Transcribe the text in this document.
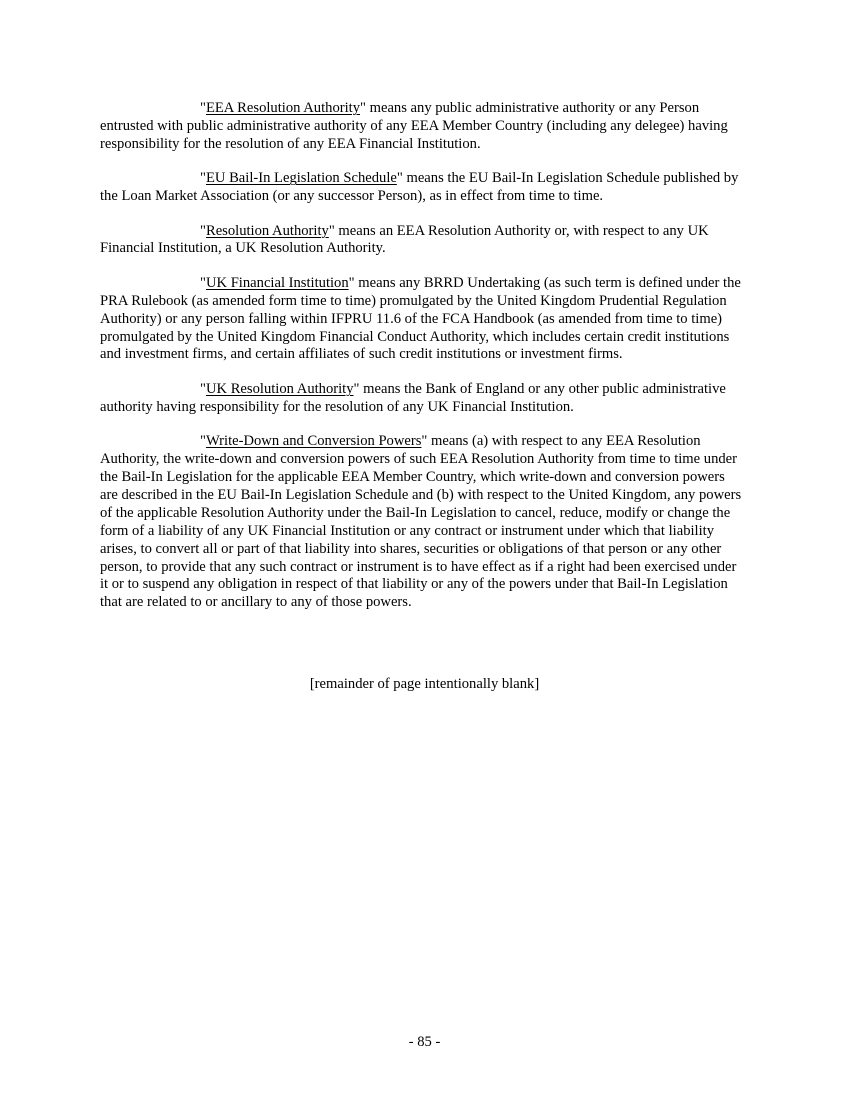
"EEA Resolution Authority" means any public administrative authority or any Person entrusted with public administrative authority of any EEA Member Country (including any delegee) having responsibility for the resolution of any EEA Financial Institution.

"EU Bail-In Legislation Schedule" means the EU Bail-In Legislation Schedule published by the Loan Market Association (or any successor Person), as in effect from time to time.

"Resolution Authority" means an EEA Resolution Authority or, with respect to any UK Financial Institution, a UK Resolution Authority.

"UK Financial Institution" means any BRRD Undertaking (as such term is defined under the PRA Rulebook (as amended form time to time) promulgated by the United Kingdom Prudential Regulation Authority) or any person falling within IFPRU 11.6 of the FCA Handbook (as amended from time to time) promulgated by the United Kingdom Financial Conduct Authority, which includes certain credit institutions and investment firms, and certain affiliates of such credit institutions or investment firms.

"UK Resolution Authority" means the Bank of England or any other public administrative authority having responsibility for the resolution of any UK Financial Institution.

"Write-Down and Conversion Powers" means (a) with respect to any EEA Resolution Authority, the write-down and conversion powers of such EEA Resolution Authority from time to time under the Bail-In Legislation for the applicable EEA Member Country, which write-down and conversion powers are described in the EU Bail-In Legislation Schedule and (b) with respect to the United Kingdom, any powers of the applicable Resolution Authority under the Bail-In Legislation to cancel, reduce, modify or change the form of a liability of any UK Financial Institution or any contract or instrument under which that liability arises, to convert all or part of that liability into shares, securities or obligations of that person or any other person, to provide that any such contract or instrument is to have effect as if a right had been exercised under it or to suspend any obligation in respect of that liability or any of the powers under that Bail-In Legislation that are related to or ancillary to any of those powers.

[remainder of page intentionally blank]
- 85 -
